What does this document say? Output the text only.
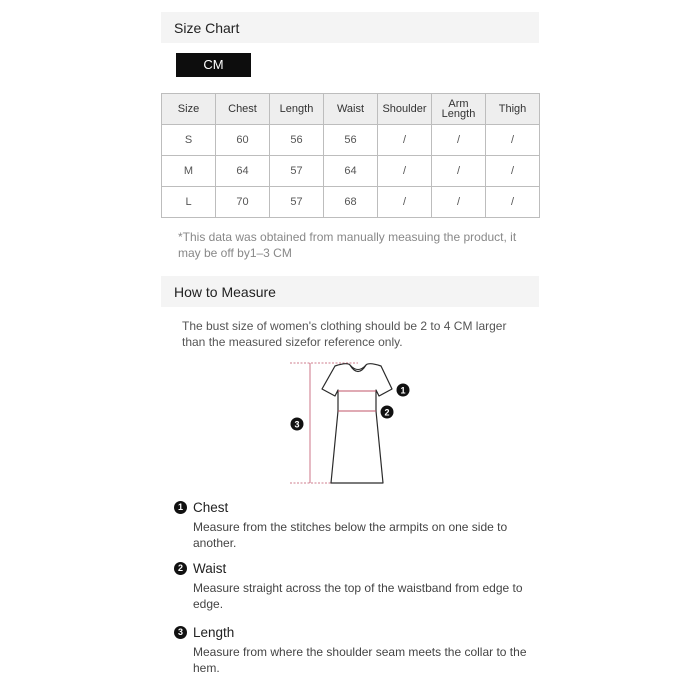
Size Chart
CM
Size	Chest	Length	Waist	Shoulder	Arm Length	Thigh
S	60	56	56	/	/	/
M	64	57	64	/	/	/
L	70	57	68	/	/	/
*This data was obtained from manually measuing the product, it may be off by1–3 CM
How to Measure
The bust size of women's clothing should be 2 to 4 CM larger than the measured sizefor reference only.
1
2
3
1 Chest
Measure from the stitches below the armpits on one side to another.
2 Waist
Measure straight across the top of the waistband from edge to edge.
3 Length
Measure from where the shoulder seam meets the collar to the hem.
